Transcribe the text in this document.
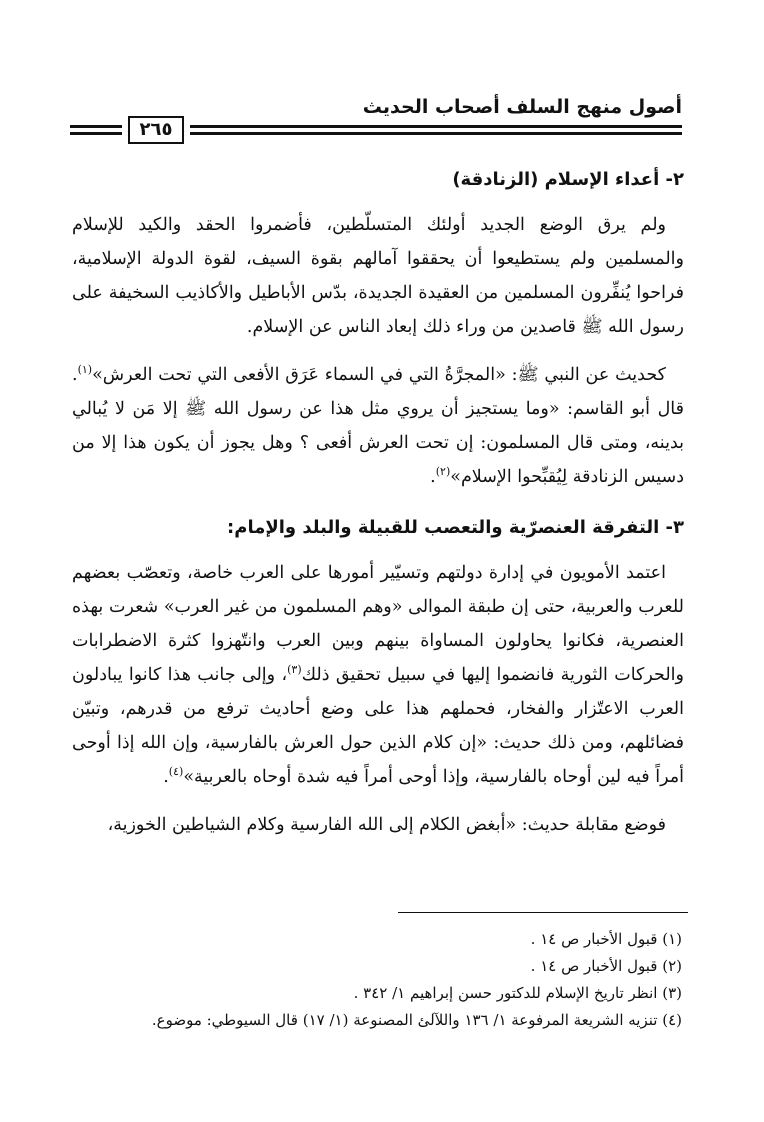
أصول منهج السلف أصحاب الحديث
٢٦٥
٢- أعداء الإسلام (الزنادقة)

ولم يرق الوضع الجديد أولئك المتسلّطين، فأضمروا الحقد والكيد للإسلام والمسلمين ولم يستطيعوا أن يحققوا آمالهم بقوة السيف، لقوة الدولة الإسلامية، فراحوا يُنفِّرون المسلمين من العقيدة الجديدة، بدّس الأباطيل والأكاذيب السخيفة على رسول الله ﷺ قاصدين من وراء ذلك إبعاد الناس عن الإسلام.

كحديث عن النبي ﷺ: «المجرَّةُ التي في السماء عَرَق الأفعى التي تحت العرش»$^{(١)}$. قال أبو القاسم: «وما يستجيز أن يروي مثل هذا عن رسول الله ﷺ إلا مَن لا يُبالي بدينه، ومتى قال المسلمون: إن تحت العرش أفعى ؟ وهل يجوز أن يكون هذا إلا من دسيس الزنادقة لِيُقبِّحوا الإسلام»$^{(٢)}$.

٣- التفرقة العنصرّية والتعصب للقبيلة والبلد والإمام:

اعتمد الأمويون في إدارة دولتهم وتسيّير أمورها على العرب خاصة، وتعصّب بعضهم للعرب والعربية، حتى إن طبقة الموالى «وهم المسلمون من غير العرب» شعرت بهذه العنصرية، فكانوا يحاولون المساواة بينهم وبين العرب وانتّهزوا كثرة الاضطرابات والحركات الثورية فانضموا إليها في سبيل تحقيق ذلك$^{(٣)}$، وإلى جانب هذا كانوا يبادلون العرب الاعتّزار والفخار، فحملهم هذا على وضع أحاديث ترفع من قدرهم، وتبيّن فضائلهم، ومن ذلك حديث: «إن كلام الذين حول العرش بالفارسية، وإن الله إذا أوحى أمراً فيه لين أوحاه بالفارسية، وإذا أوحى أمراً فيه شدة أوحاه بالعربية»$^{(٤)}$.

فوضع مقابلة حديث: «أبغض الكلام إلى الله الفارسية وكلام الشياطين الخوزية،

(١) قبول الأخبار ص ١٤ .
(٢) قبول الأخبار ص ١٤ .
(٣) انظر تاريخ الإسلام للدكتور حسن إبراهيم ١/ ٣٤٢ .
(٤) تنزيه الشريعة المرفوعة ١/ ١٣٦ واللآلئ المصنوعة (١/ ١٧) قال السيوطي: موضوع.
